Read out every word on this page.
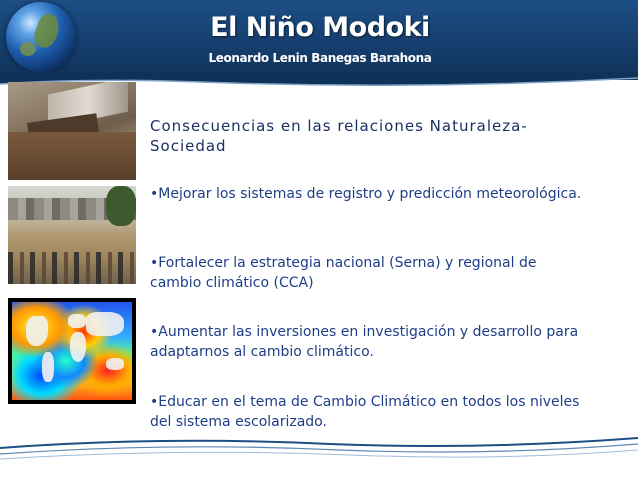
El Niño Modoki
Leonardo Lenin Banegas Barahona

Consecuencias en las relaciones Naturaleza-Sociedad

•Mejorar los sistemas de registro y predicción meteorológica.

•Fortalecer la estrategia nacional (Serna) y regional de cambio climático (CCA)

•Aumentar las inversiones en investigación y desarrollo para adaptarnos al cambio climático.

•Educar en el tema de Cambio Climático en todos los niveles del sistema escolarizado.
